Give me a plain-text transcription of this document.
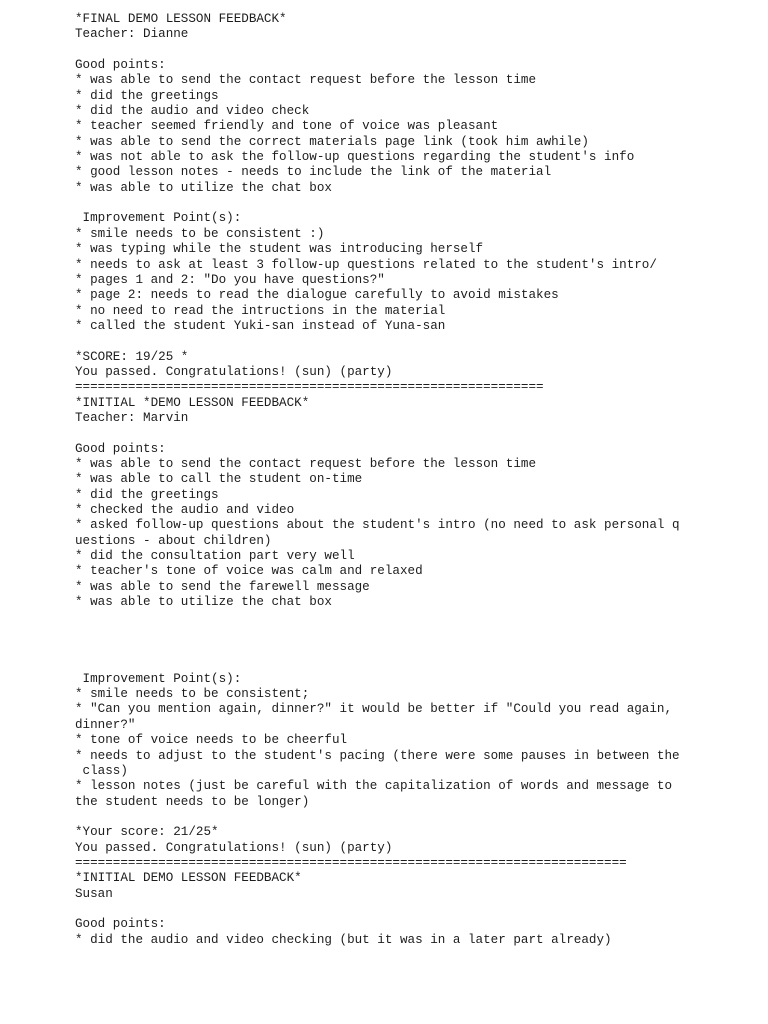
*FINAL DEMO LESSON FEEDBACK*
Teacher: Dianne
Good points:
* was able to send the contact request before the lesson time
* did the greetings
* did the audio and video check
* teacher seemed friendly and tone of voice was pleasant
* was able to send the correct materials page link (took him awhile)
* was not able to ask the follow-up questions regarding the student's info
* good lesson notes - needs to include the link of the material
* was able to utilize the chat box
Improvement Point(s):
* smile needs to be consistent :)
* was typing while the student was introducing herself
* needs to ask at least 3 follow-up questions related to the student's intro/
* pages 1 and 2: "Do you have questions?"
* page 2: needs to read the dialogue carefully to avoid mistakes
* no need to read the intructions in the material
* called the student Yuki-san instead of Yuna-san
*SCORE: 19/25 *
You passed. Congratulations! (sun) (party)
==============================================================
*INITIAL *DEMO LESSON FEEDBACK*
Teacher: Marvin
Good points:
* was able to send the contact request before the lesson time
* was able to call the student on-time
* did the greetings
* checked the audio and video
* asked follow-up questions about the student's intro (no need to ask personal q
uestions - about children)
* did the consultation part very well
* teacher's tone of voice was calm and relaxed
* was able to send the farewell message
* was able to utilize the chat box
Improvement Point(s):
* smile needs to be consistent;
* "Can you mention again, dinner?" it would be better if "Could you read again,
dinner?"
* tone of voice needs to be cheerful
* needs to adjust to the student's pacing (there were some pauses in between the
class)
* lesson notes (just be careful with the capitalization of words and message to
the student needs to be longer)
*Your score: 21/25*
You passed. Congratulations! (sun) (party)
=========================================================================
*INITIAL DEMO LESSON FEEDBACK*
Susan
Good points:
* did the audio and video checking (but it was in a later part already)
